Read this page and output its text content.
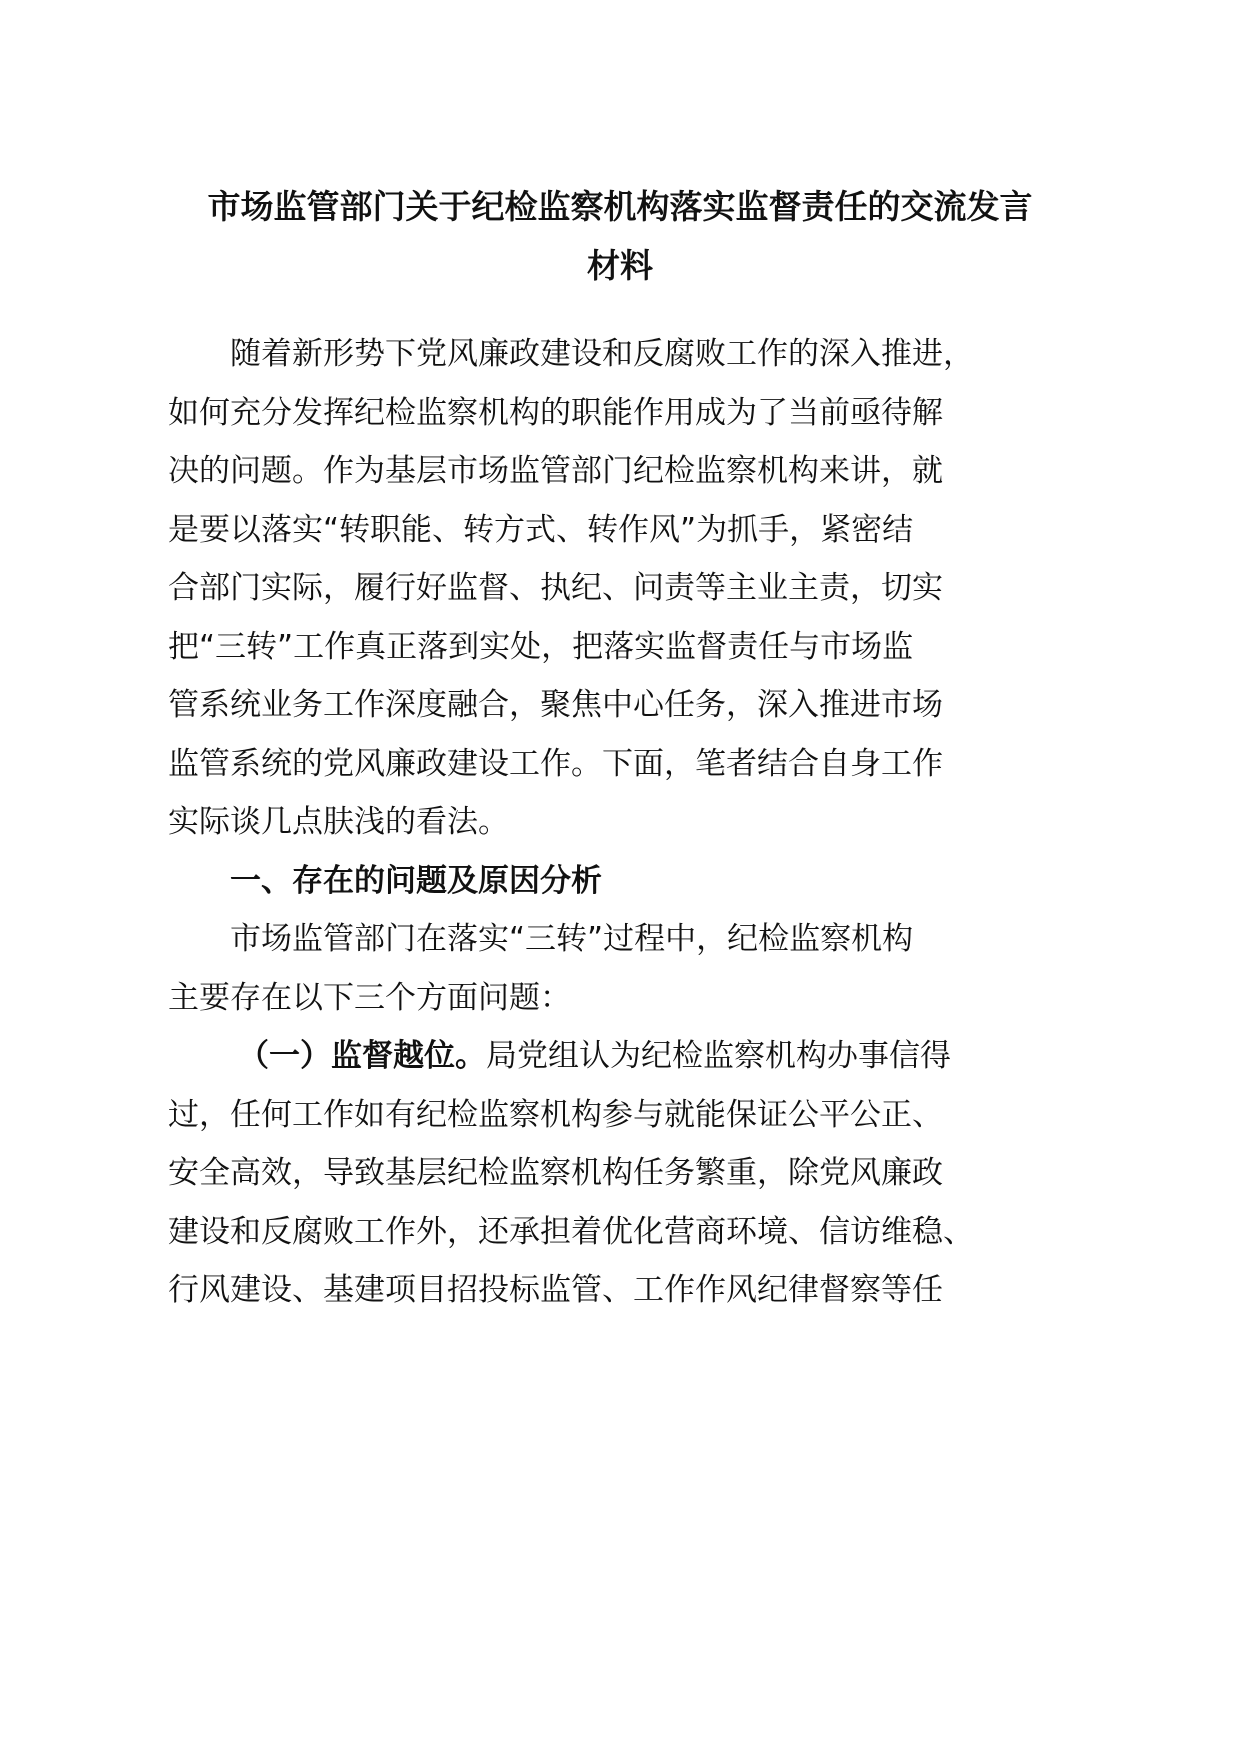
市场监管部门关于纪检监察机构落实监督责任的交流发言
材料
随着新形势下党风廉政建设和反腐败工作的深入推进，
如何充分发挥纪检监察机构的职能作用成为了当前亟待解
决的问题。作为基层市场监管部门纪检监察机构来讲，就
是要以落实“转职能、转方式、转作风”为抓手，紧密结
合部门实际，履行好监督、执纪、问责等主业主责，切实
把“三转”工作真正落到实处，把落实监督责任与市场监
管系统业务工作深度融合，聚焦中心任务，深入推进市场
监管系统的党风廉政建设工作。下面，笔者结合自身工作
实际谈几点肤浅的看法。
一、存在的问题及原因分析
市场监管部门在落实“三转”过程中，纪检监察机构
主要存在以下三个方面问题：
（一）监督越位。局党组认为纪检监察机构办事信得
过，任何工作如有纪检监察机构参与就能保证公平公正、
安全高效，导致基层纪检监察机构任务繁重，除党风廉政
建设和反腐败工作外，还承担着优化营商环境、信访维稳、
行风建设、基建项目招投标监管、工作作风纪律督察等任
